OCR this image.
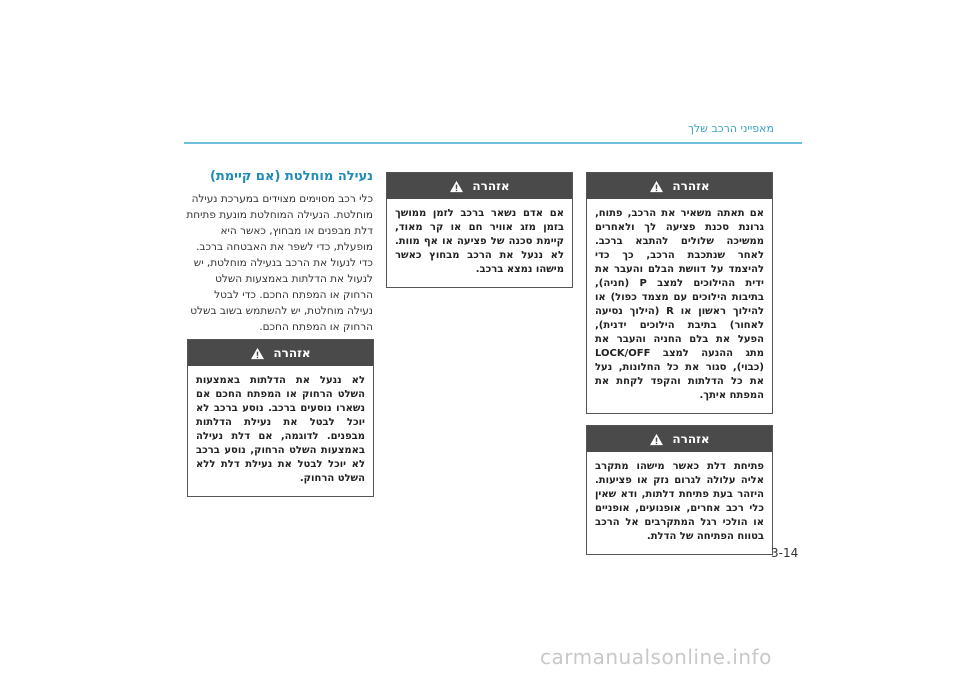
מאפייני הרכב שלך
נעילה מוחלטת (אם קיימת)

כלי רכב מסוימים מצוידים במערכת נעילה מוחלטת. הנעילה המוחלטת מונעת פתיחת דלת מבפנים או מבחוץ, כאשר היא מופעלת, כדי לשפר את האבטחה ברכב. כדי לנעול את הרכב בנעילה מוחלטת, יש לנעול את הדלתות באמצעות השלט הרחוק או המפתח החכם. כדי לבטל נעילה מוחלטת, יש להשתמש בשוב בשלט הרחוק או המפתח החכם.

אזהרה

לא ננעל את הדלתות באמצעות השלט הרחוק או המפתח החכם אם נשארו נוסעים ברכב. נוסע ברכב לא יוכל לבטל את נעילת הדלתות מבפנים. לדוגמה, אם דלת נעילה באמצעות השלט הרחוק, נוסע ברכב לא יוכל לבטל את נעילת דלת ללא השלט הרחוק.

אזהרה

אם אדם נשאר ברכב לזמן ממושך בזמן מזג אוויר חם או קר מאוד, קיימת סכנה של פציעה או אף מוות. לא ננעל את הרכב מבחוץ כאשר מישהו נמצא ברכב.

אזהרה

אם תאתה משאיר את הרכב, פתוח, גרונת סכנת פציעה לך ולאחרים ממשיכה שלולים להתבא ברכב. לאחר שנתכבת הרכב, כך כדי להיצמד על דוושת הבלם והעבר את ידית ההילוכים למצב P (חניה), בתיבות הילוכים עם מצמד כפול) או להילוך ראשון או R (הילוך נסיעה לאחור) בתיבת הילוכים ידנית), הפעל את בלם החניה והעבר את מתג ההנעה למצב LOCK/OFF (כבוי), סגור את כל החלונות, נעל את כל הדלתות והקפד לקחת את המפתח איתך.

אזהרה

פתיחת דלת כאשר מישהו מתקרב אליה עלולה לגרום נזק או פציעות. היזהר בעת פתיחת דלתות, ודא שאין כלי רכב אחרים, אופנועים, אופניים או הולכי רגל המתקרבים אל הרכב בטווח הפתיחה של הדלת.

3-14
carmanualsonline.info
